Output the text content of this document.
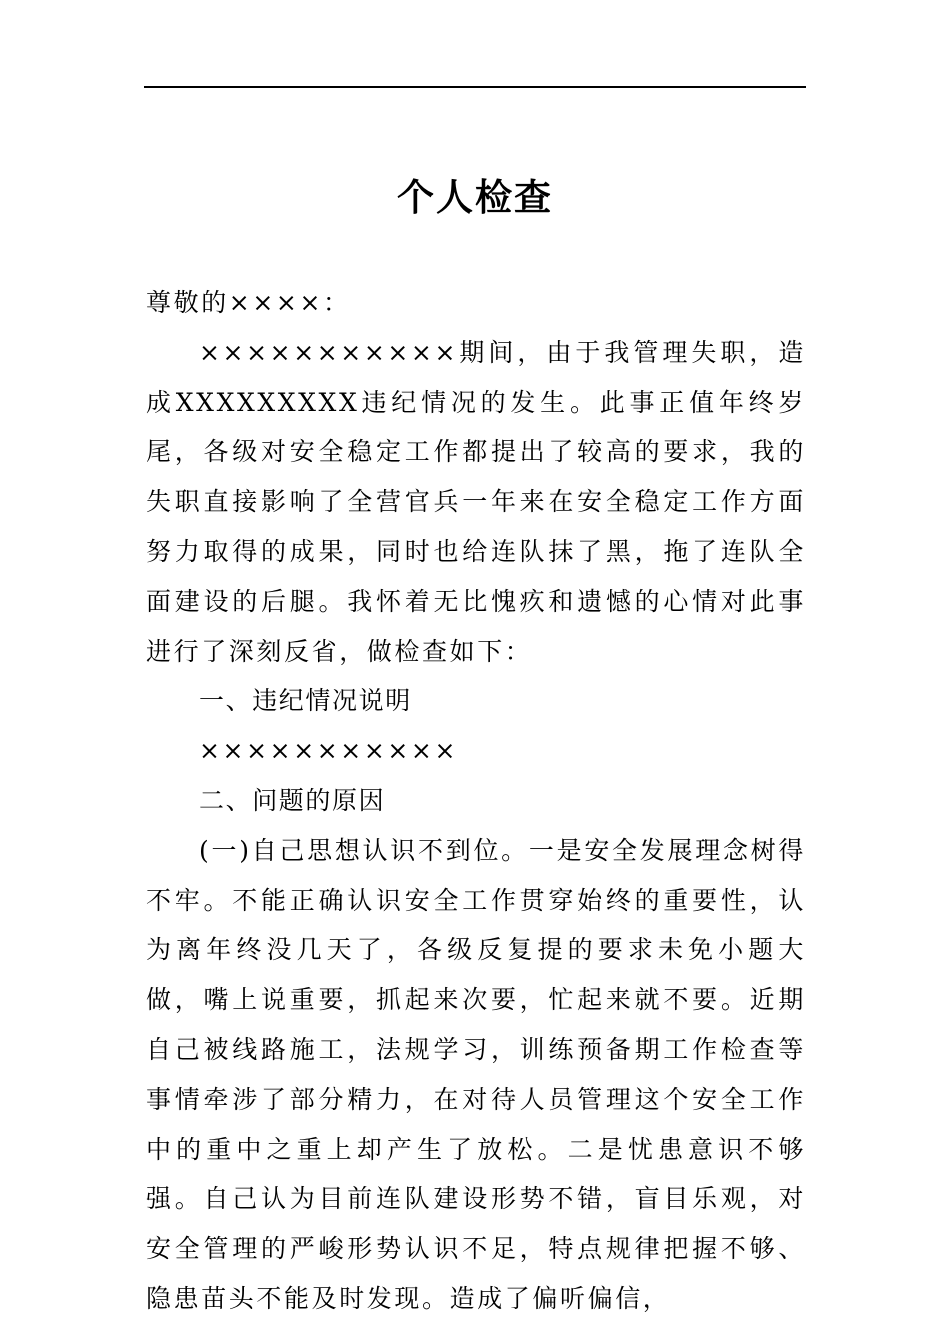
个人检查

尊敬的××××：

×××××××××××期间，由于我管理失职，造成XXXXXXXXX违纪情况的发生。此事正值年终岁尾，各级对安全稳定工作都提出了较高的要求，我的失职直接影响了全营官兵一年来在安全稳定工作方面努力取得的成果，同时也给连队抹了黑，拖了连队全面建设的后腿。我怀着无比愧疚和遗憾的心情对此事进行了深刻反省，做检查如下：

一、违纪情况说明

×××××××××××

二、问题的原因

(一)自己思想认识不到位。一是安全发展理念树得不牢。不能正确认识安全工作贯穿始终的重要性，认为离年终没几天了，各级反复提的要求未免小题大做，嘴上说重要，抓起来次要，忙起来就不要。近期自己被线路施工，法规学习，训练预备期工作检查等事情牵涉了部分精力，在对待人员管理这个安全工作中的重中之重上却产生了放松。二是忧患意识不够强。自己认为目前连队建设形势不错，盲目乐观，对安全管理的严峻形势认识不足，特点规律把握不够、隐患苗头不能及时发现。造成了偏听偏信，
